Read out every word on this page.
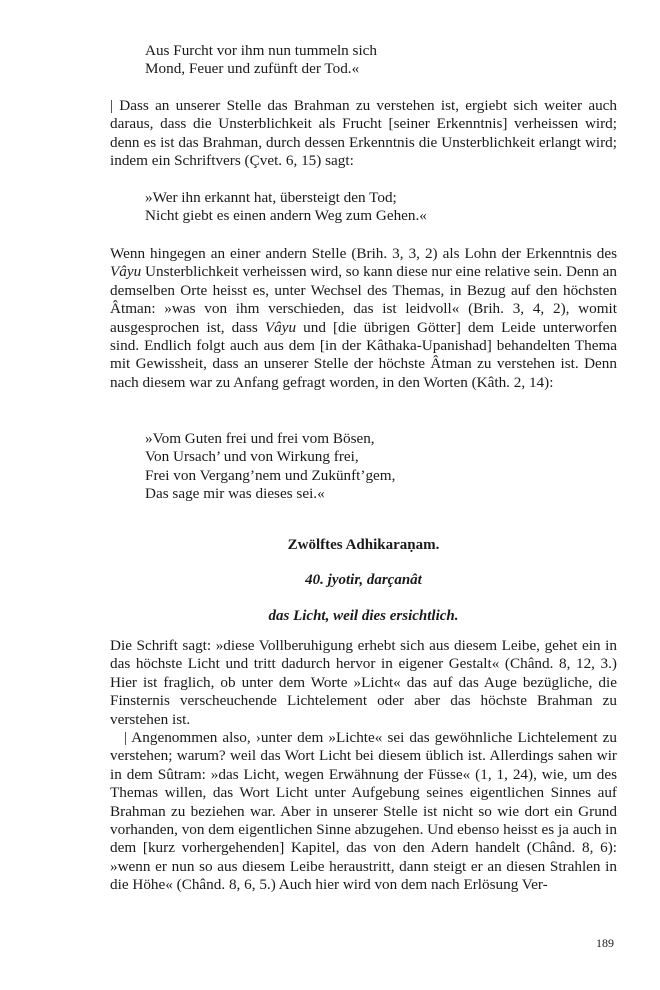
Aus Furcht vor ihm nun tummeln sich
Mond, Feuer und zufünft der Tod.«

| Dass an unserer Stelle das Brahman zu verstehen ist, ergiebt sich weiter auch daraus, dass die Unsterblichkeit als Frucht [seiner Erkenntnis] verheissen wird; denn es ist das Brahman, durch dessen Erkenntnis die Unsterblichkeit erlangt wird; indem ein Schriftvers (Çvet. 6, 15) sagt:

»Wer ihn erkannt hat, übersteigt den Tod;
Nicht giebt es einen andern Weg zum Gehen.«

Wenn hingegen an einer andern Stelle (Brih. 3, 3, 2) als Lohn der Erkenntnis des Vâyu Unsterblichkeit verheissen wird, so kann diese nur eine relative sein. Denn an demselben Orte heisst es, unter Wechsel des Themas, in Bezug auf den höchsten Âtman: »was von ihm verschieden, das ist leidvoll« (Brih. 3, 4, 2), womit ausgesprochen ist, dass Vâyu und [die übrigen Götter] dem Leide unterworfen sind. Endlich folgt auch aus dem [in der Kâthaka-Upanishad] behandelten Thema mit Gewissheit, dass an unserer Stelle der höchste Âtman zu verstehen ist. Denn nach diesem war zu Anfang gefragt worden, in den Worten (Kâth. 2, 14):

»Vom Guten frei und frei vom Bösen,
Von Ursach’ und von Wirkung frei,
Frei von Vergang’nem und Zukünft’gem,
Das sage mir was dieses sei.«
Zwölftes Adhikaraṇam.
40. jyotir, darçanât
das Licht, weil dies ersichtlich.

Die Schrift sagt: »diese Vollberuhigung erhebt sich aus diesem Leibe, gehet ein in das höchste Licht und tritt dadurch hervor in eigener Gestalt« (Chând. 8, 12, 3.) Hier ist fraglich, ob unter dem Worte »Licht« das auf das Auge bezügliche, die Finsternis verscheuchende Lichtelement oder aber das höchste Brahman zu verstehen ist.

| Angenommen also, ›unter dem »Lichte« sei das gewöhnliche Lichtelement zu verstehen; warum? weil das Wort Licht bei diesem üblich ist. Allerdings sahen wir in dem Sûtram: »das Licht, wegen Erwähnung der Füsse« (1, 1, 24), wie, um des Themas willen, das Wort Licht unter Aufgebung seines eigentlichen Sinnes auf Brahman zu beziehen war. Aber in unserer Stelle ist nicht so wie dort ein Grund vorhanden, von dem eigentlichen Sinne abzugehen. Und ebenso heisst es ja auch in dem [kurz vorhergehenden] Kapitel, das von den Adern handelt (Chând. 8, 6): »wenn er nun so aus diesem Leibe heraustritt, dann steigt er an diesen Strahlen in die Höhe« (Chând. 8, 6, 5.) Auch hier wird von dem nach Erlösung Ver-

189
